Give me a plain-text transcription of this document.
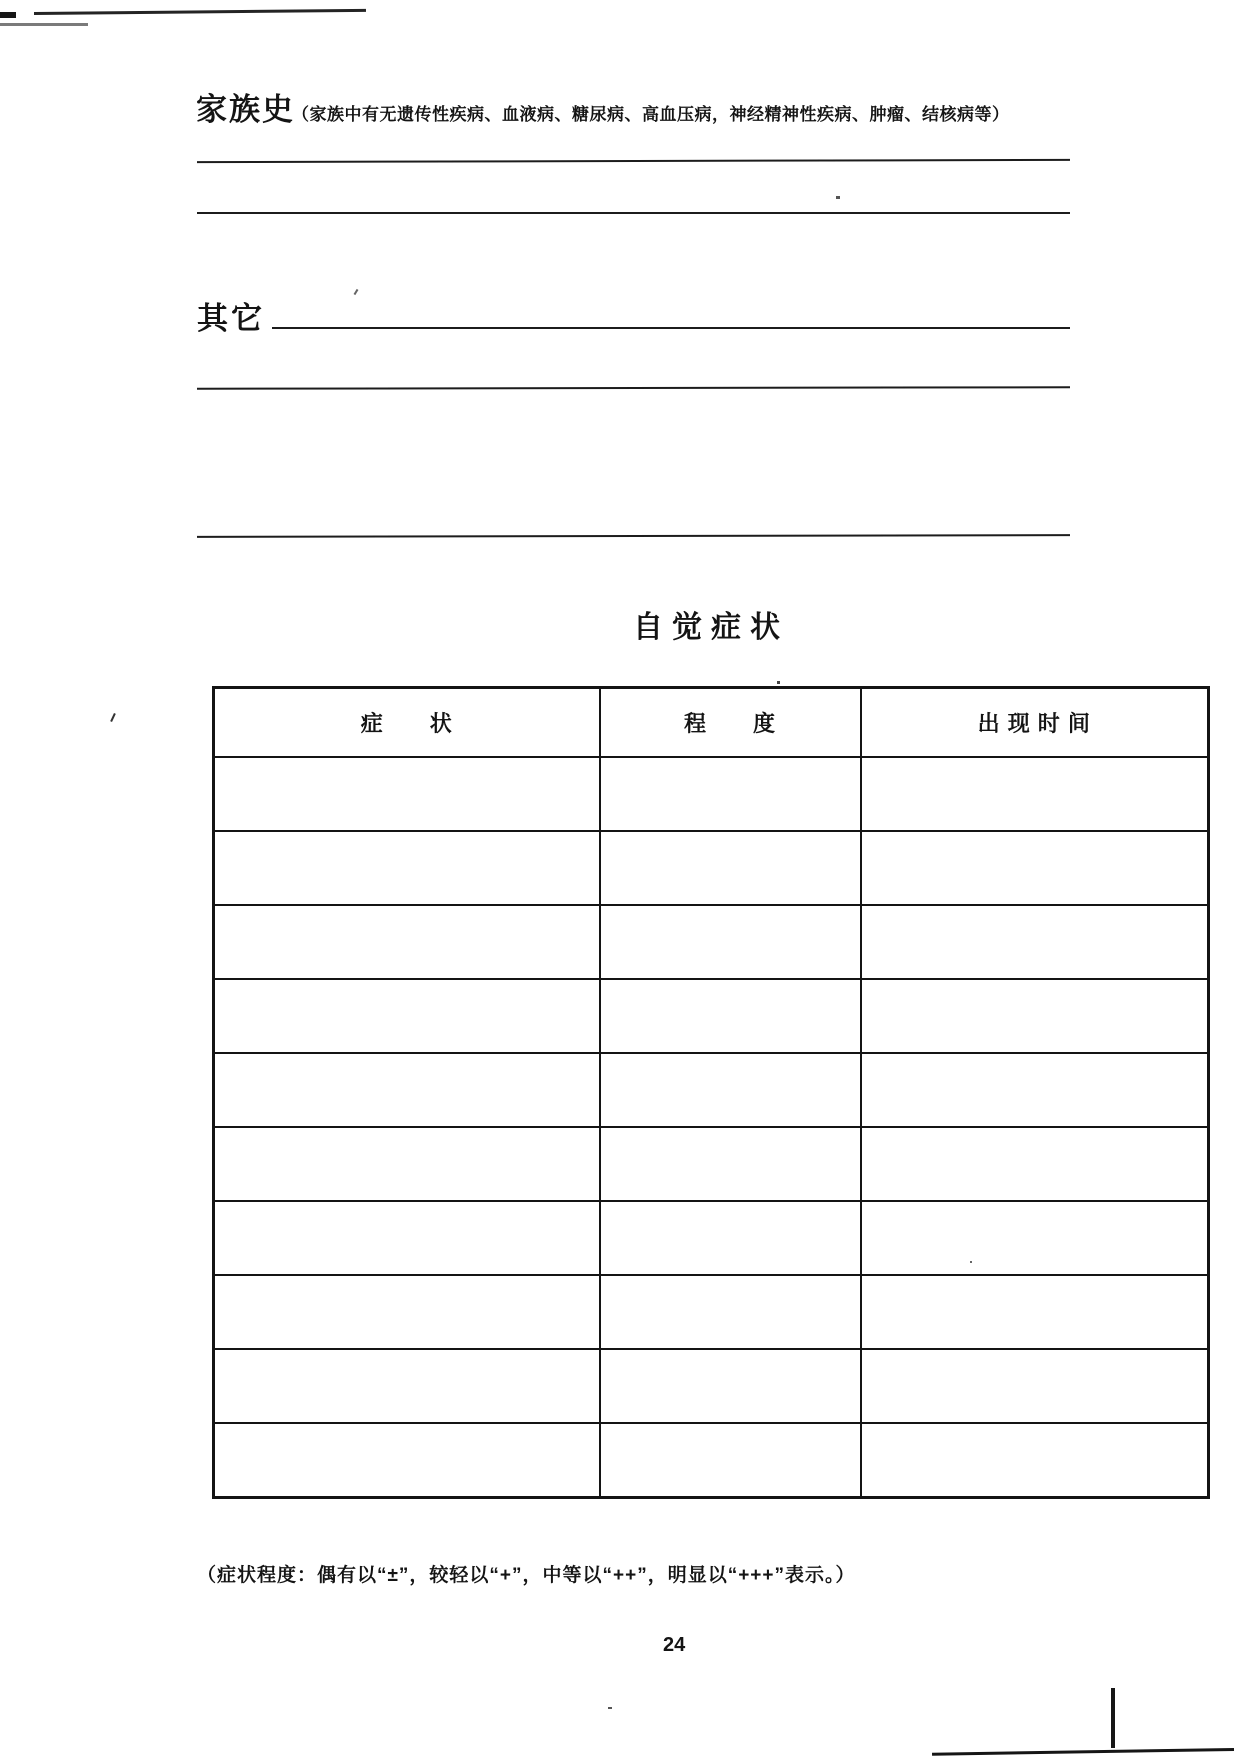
家族史
（家族中有无遗传性疾病、血液病、糖尿病、高血压病，神经精神性疾病、肿瘤、结核病等）
其它
自觉症状
症　　状	程　　度	出 现 时 间

（症状程度：偶有以“±”，较轻以“+”，中等以“++”，明显以“+++”表示。）
24
